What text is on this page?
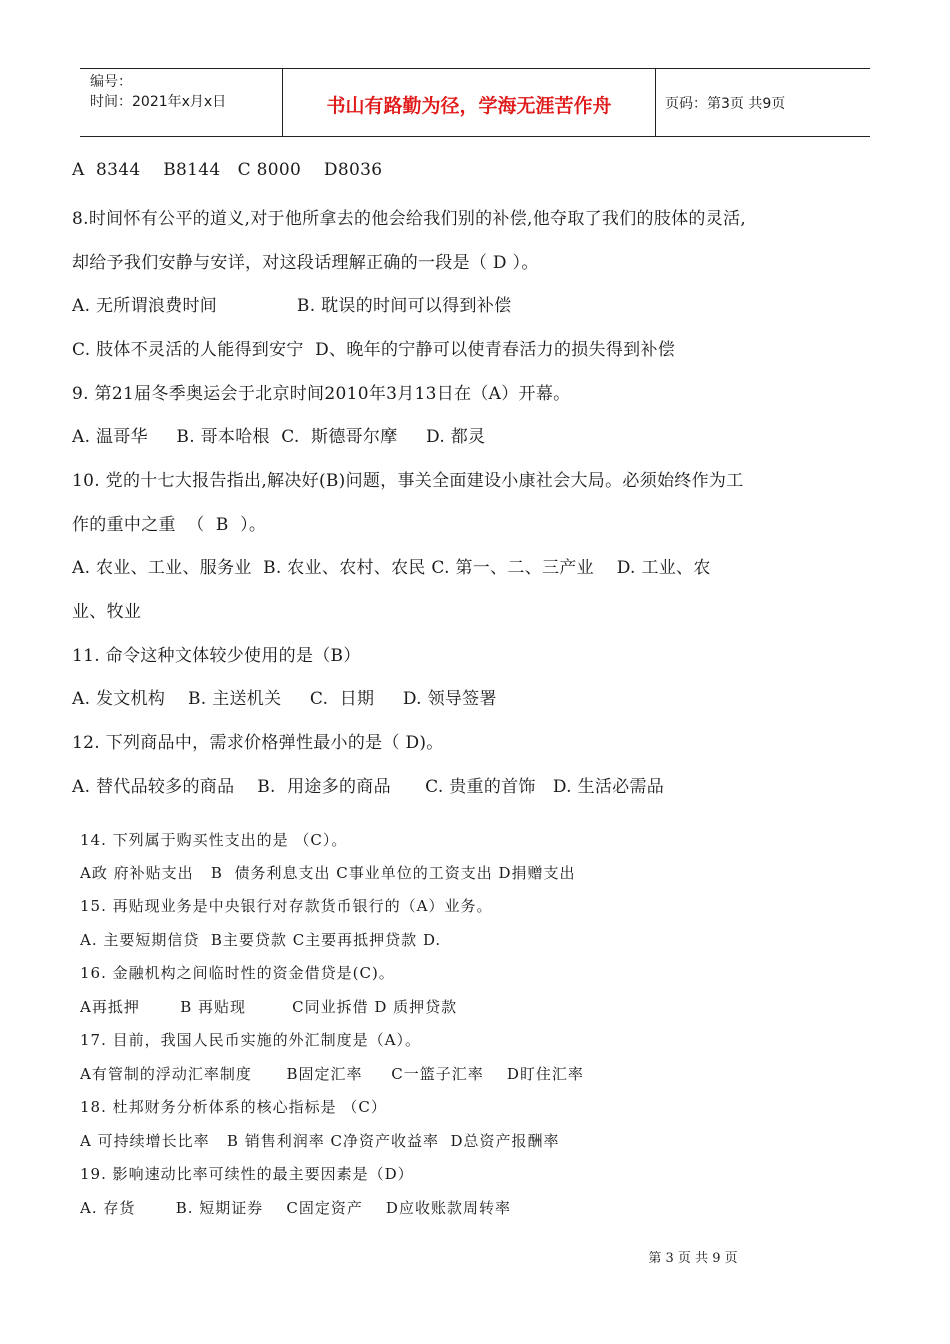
编号：
时间：2021年x月x日	书山有路勤为径，学海无涯苦作舟	页码：第3页 共9页
A  8344    B8144   C 8000    D8036
8.时间怀有公平的道义,对于他所拿去的他会给我们别的补偿,他夺取了我们的肢体的灵活,
却给予我们安静与安详，对这段话理解正确的一段是（ D ）。
A. 无所谓浪费时间              B. 耽误的时间可以得到补偿
C. 肢体不灵活的人能得到安宁  D、晚年的宁静可以使青春活力的损失得到补偿
9. 第21届冬季奥运会于北京时间2010年3月13日在（A）开幕。
A. 温哥华     B. 哥本哈根  C.  斯德哥尔摩     D. 都灵
10. 党的十七大报告指出,解决好(B)问题，事关全面建设小康社会大局。必须始终作为工
作的重中之重  （  B  ）。
A. 农业、工业、服务业  B. 农业、农村、农民 C. 第一、二、三产业    D. 工业、农
业、牧业
11. 命令这种文体较少使用的是（B）
A. 发文机构    B. 主送机关     C.  日期     D. 领导签署
12. 下列商品中，需求价格弹性最小的是（ D)。
A. 替代品较多的商品    B.  用途多的商品      C. 贵重的首饰   D. 生活必需品
14. 下列属于购买性支出的是 （C）。
A政 府补贴支出   B  债务利息支出 C事业单位的工资支出 D捐赠支出
15. 再贴现业务是中央银行对存款货币银行的（A）业务。
A. 主要短期信贷  B主要贷款 C主要再抵押贷款 D.
16. 金融机构之间临时性的资金借贷是(C)。
A再抵押       B 再贴现        C同业拆借 D 质押贷款
17. 目前，我国人民币实施的外汇制度是（A）。
A有管制的浮动汇率制度      B固定汇率     C一篮子汇率    D盯住汇率
18. 杜邦财务分析体系的核心指标是 （C）
A 可持续增长比率   B 销售利润率 C净资产收益率  D总资产报酬率
19. 影响速动比率可续性的最主要因素是（D）
A. 存货       B. 短期证券    C固定资产    D应收账款周转率
第 3 页 共 9 页
